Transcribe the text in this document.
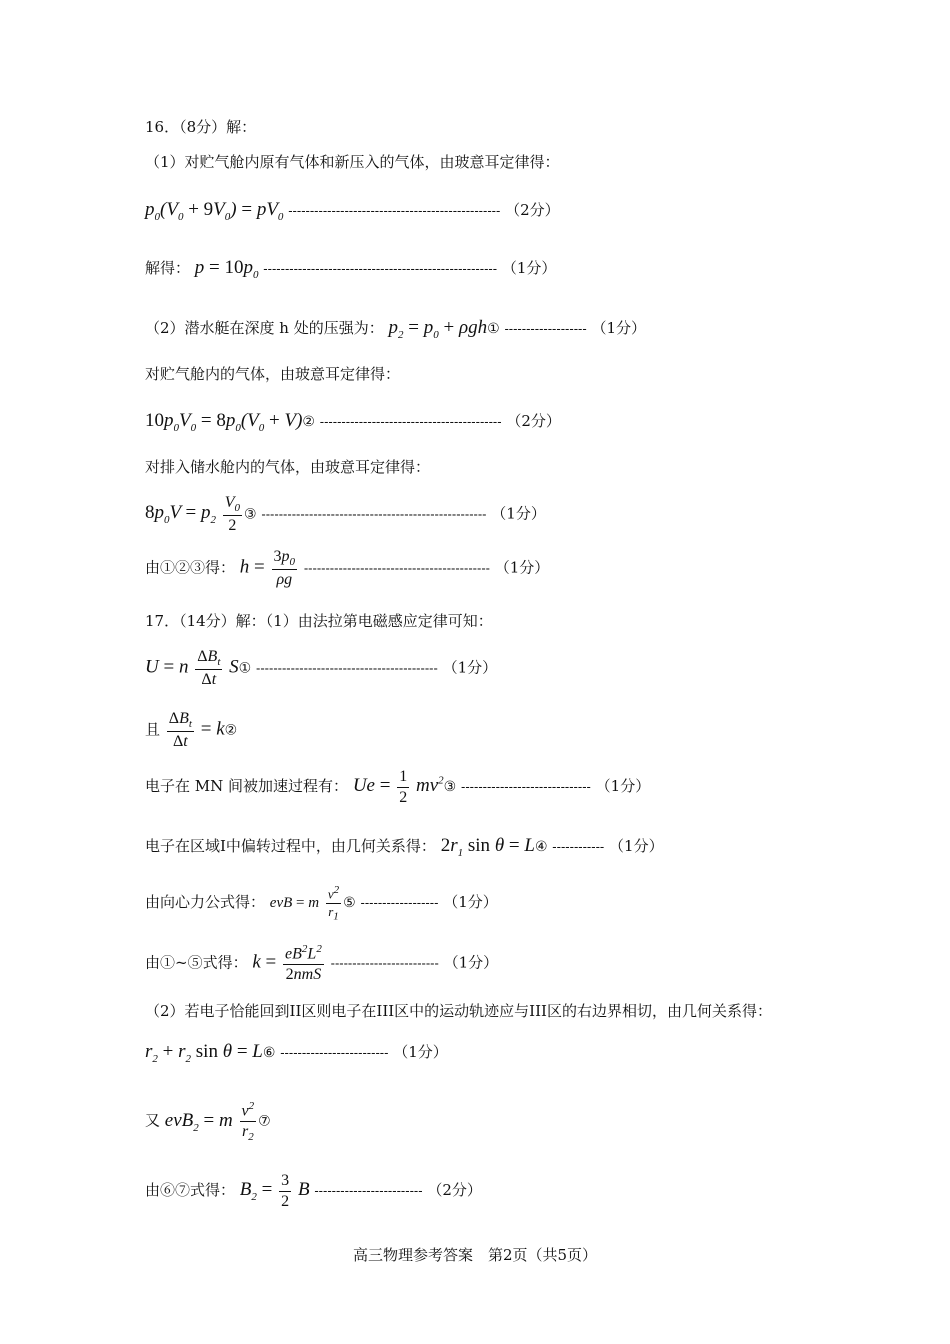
16．（8分）解：
（1）对贮气舱内原有气体和新压入的气体，由玻意耳定律得：
$p_0(V_0 + 9V_0) = pV_0$ ------------------------------------------------- （2分）
解得： $p = 10p_0$ ------------------------------------------------------ （1分）
（2）潜水艇在深度 h 处的压强为： $p_2 = p_0$ + ρgh① ------------------- （1分）
对贮气舱内的气体，由玻意耳定律得：
$10p_0V_0 = 8p_0(V_0$ + V)② ------------------------------------------ （2分）
对排入储水舱内的气体，由玻意耳定律得：
$8p_0V = p_2 \frac{V_0}{2}$ ③ ---------------------------------------------------- （1分）
由①②③得： $h = \frac{3p_0}{\rho g}$ ------------------------------------------- （1分）
17．（14分）解：（1）由法拉第电磁感应定律可知：
U = n $\frac{\Delta B_t}{\Delta t}$ S① ------------------------------------------ （1分）
且 $\frac{\Delta B_t}{\Delta t}$ = k②
电子在 MN 间被加速过程有： $Ue = \frac{1}{2}$ $mv^2③$ ------------------------------ （1分）
电子在区域I中偏转过程中，由几何关系得： $2r_1$ sin θ = L④ ------------ （1分）
由向心力公式得： evB = m $\frac{v^2}{r_1}$ ⑤ ------------------ （1分）
由①~⑤式得： $k = \frac{eB^2L^2}{\text{2nmS}}$ ------------------------- （1分）
（2）若电子恰能回到II区则电子在III区中的运动轨迹应与III区的右边界相切，由几何关系得：
$r_2 + r_2$ sin θ = L⑥ ------------------------- （1分）
又 evB$_2$ = m $\frac{v^2}{r_2}$ ⑦
由⑥⑦式得： $B_2 = \frac{3}{2}$ B ------------------------- （2分）
高三物理参考答案　第2页（共5页）
